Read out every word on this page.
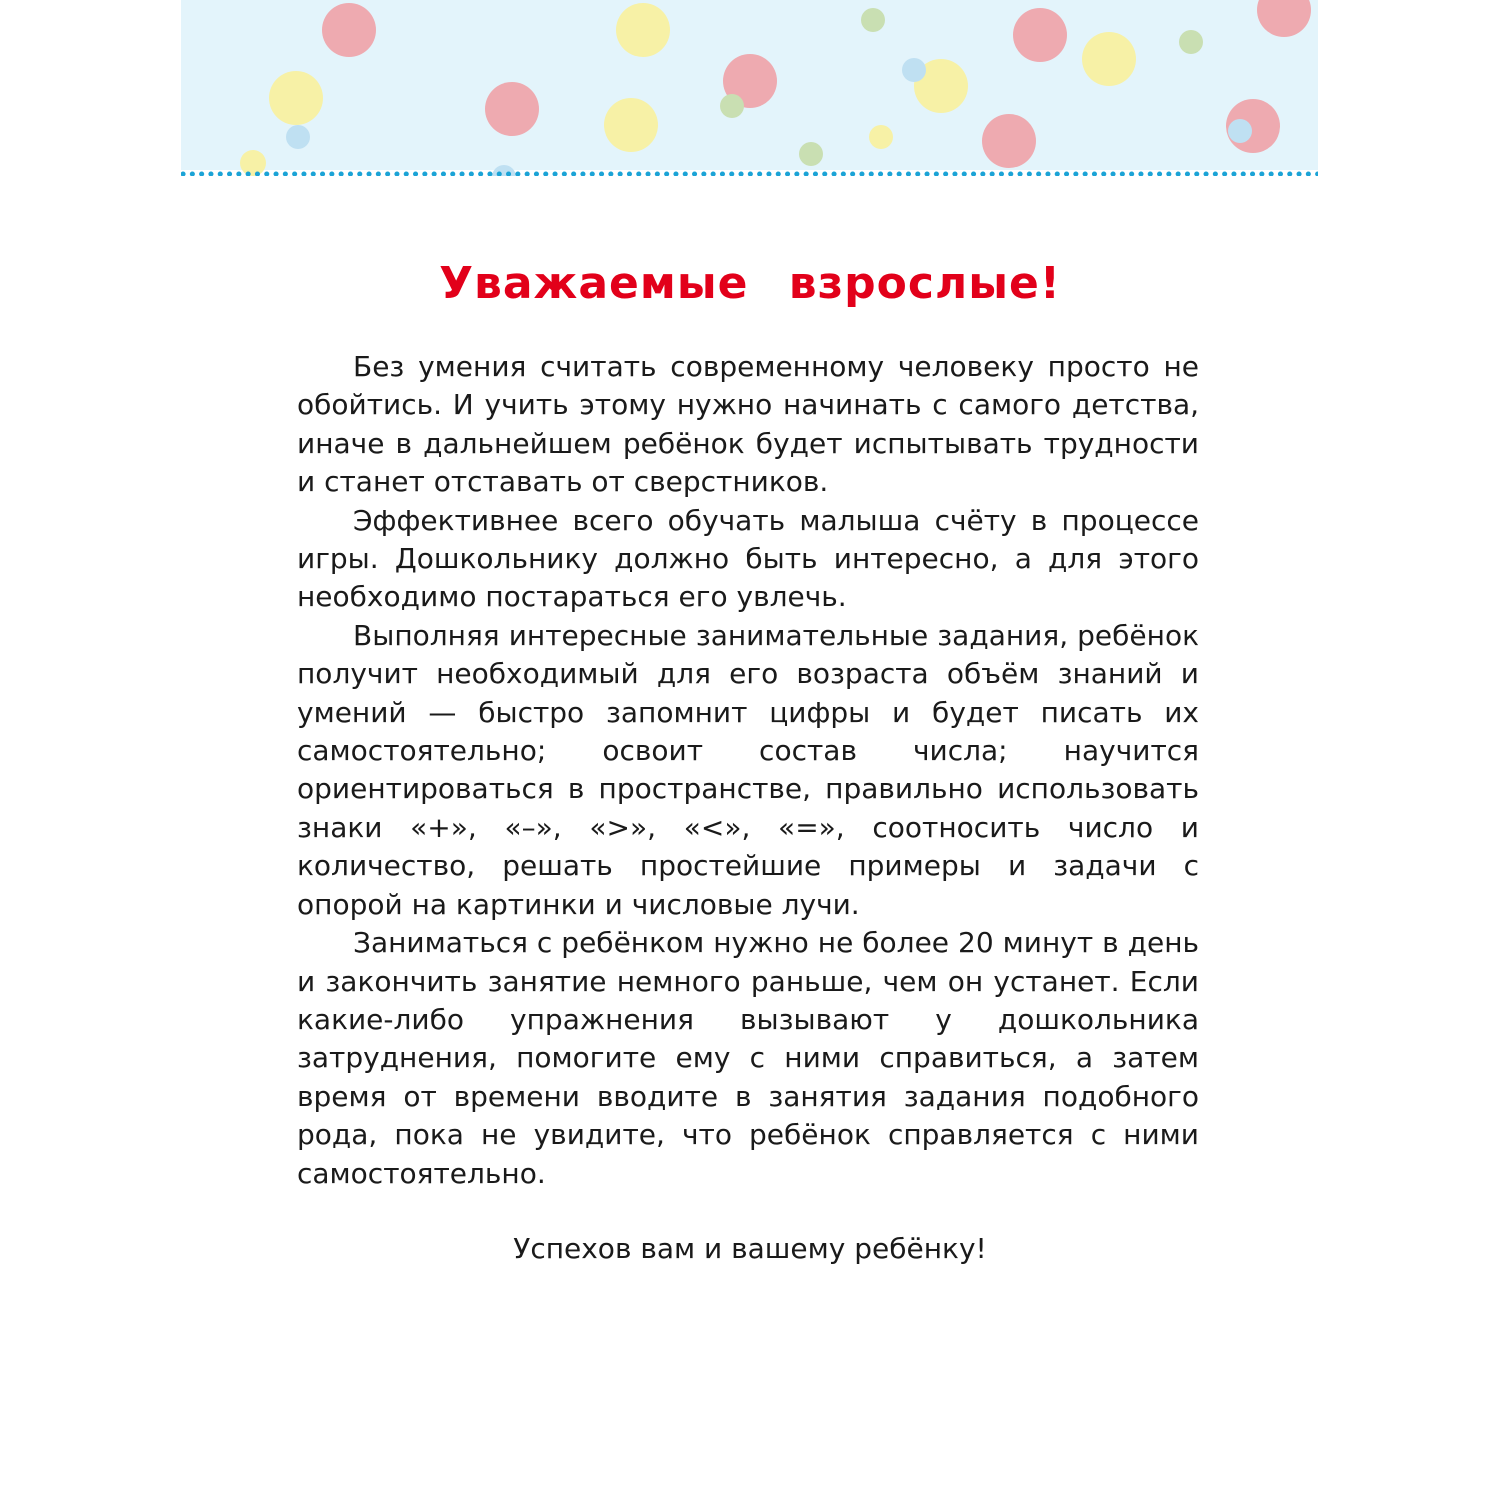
Уважаемые взрослые!

Без умения считать современному человеку просто не обойтись. И учить этому нужно начинать с самого детства, иначе в дальнейшем ребёнок будет испытывать трудности и станет отставать от сверстников.

Эффективнее всего обучать малыша счёту в процессе игры. Дошкольнику должно быть интересно, а для этого необходимо постараться его увлечь.

Выполняя интересные занимательные задания, ребёнок получит необходимый для его возраста объём знаний и умений — быстро запомнит цифры и будет писать их самостоятельно; освоит состав числа; научится ориентироваться в пространстве, правильно использовать знаки «+», «–», «>», «<», «=», соотносить число и количество, решать простейшие примеры и задачи с опорой на картинки и числовые лучи.

Заниматься с ребёнком нужно не более 20 минут в день и закончить занятие немного раньше, чем он устанет. Если какие-либо упражнения вызывают у дошкольника затруднения, помогите ему с ними справиться, а затем время от времени вводите в занятия задания подобного рода, пока не увидите, что ребёнок справляется с ними самостоятельно.

Успехов вам и вашему ребёнку!
